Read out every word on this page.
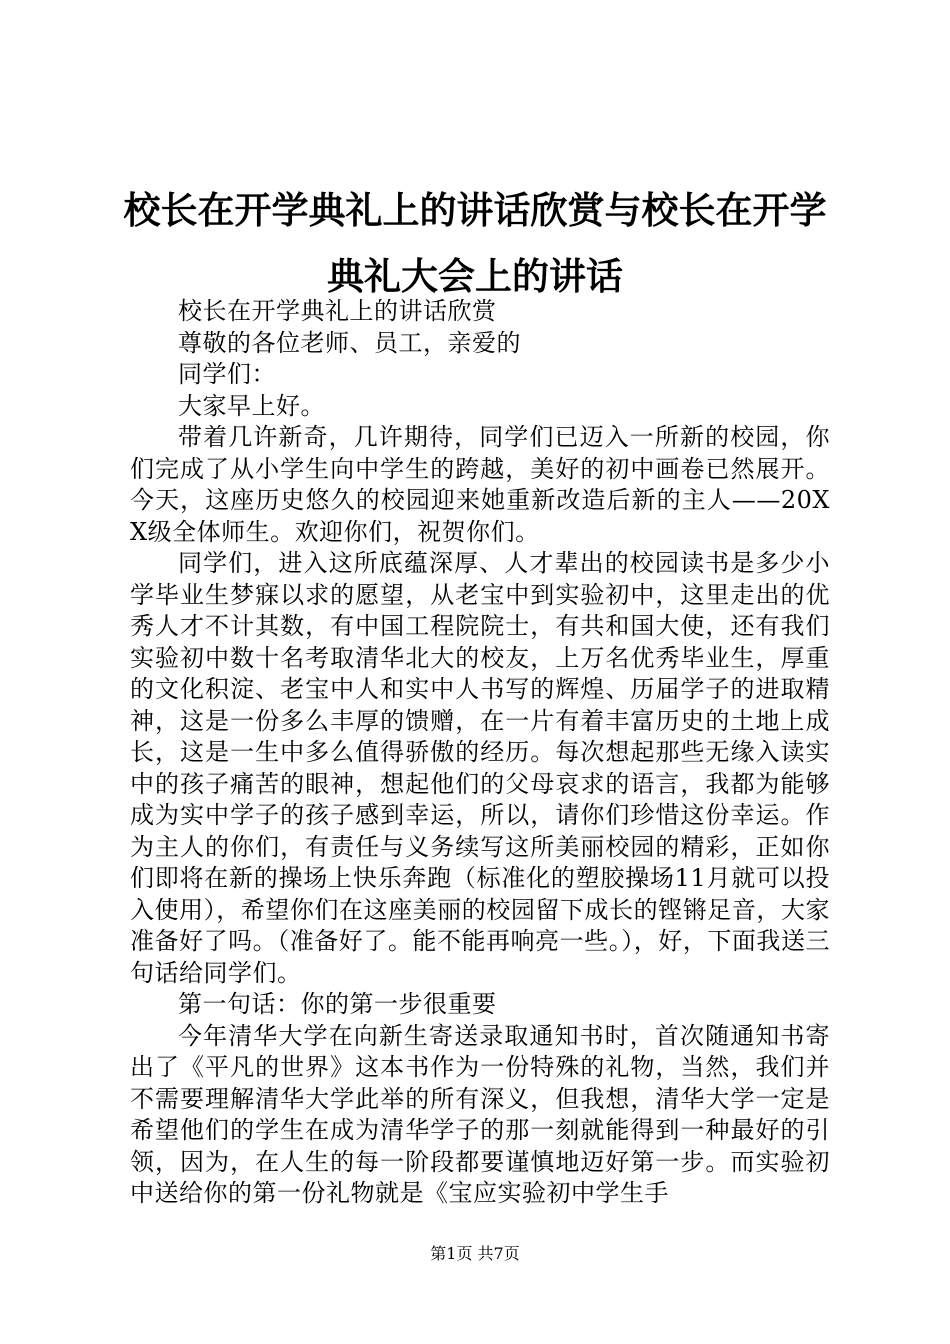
校长在开学典礼上的讲话欣赏与校长在开学典礼大会上的讲话

校长在开学典礼上的讲话欣赏

尊敬的各位老师、员工，亲爱的

同学们：

大家早上好。

带着几许新奇，几许期待，同学们已迈入一所新的校园，你们完成了从小学生向中学生的跨越，美好的初中画卷已然展开。今天，这座历史悠久的校园迎来她重新改造后新的主人——20XX级全体师生。欢迎你们，祝贺你们。

同学们，进入这所底蕴深厚、人才辈出的校园读书是多少小学毕业生梦寐以求的愿望，从老宝中到实验初中，这里走出的优秀人才不计其数，有中国工程院院士，有共和国大使，还有我们实验初中数十名考取清华北大的校友，上万名优秀毕业生，厚重的文化积淀、老宝中人和实中人书写的辉煌、历届学子的进取精神，这是一份多么丰厚的馈赠，在一片有着丰富历史的土地上成长，这是一生中多么值得骄傲的经历。每次想起那些无缘入读实中的孩子痛苦的眼神，想起他们的父母哀求的语言，我都为能够成为实中学子的孩子感到幸运，所以，请你们珍惜这份幸运。作为主人的你们，有责任与义务续写这所美丽校园的精彩，正如你们即将在新的操场上快乐奔跑（标准化的塑胶操场11月就可以投入使用），希望你们在这座美丽的校园留下成长的铿锵足音，大家准备好了吗。（准备好了。能不能再响亮一些。），好，下面我送三句话给同学们。

第一句话：你的第一步很重要

今年清华大学在向新生寄送录取通知书时，首次随通知书寄出了《平凡的世界》这本书作为一份特殊的礼物，当然，我们并不需要理解清华大学此举的所有深义，但我想，清华大学一定是希望他们的学生在成为清华学子的那一刻就能得到一种最好的引领，因为，在人生的每一阶段都要谨慎地迈好第一步。而实验初中送给你的第一份礼物就是《宝应实验初中学生手

第1页 共7页
